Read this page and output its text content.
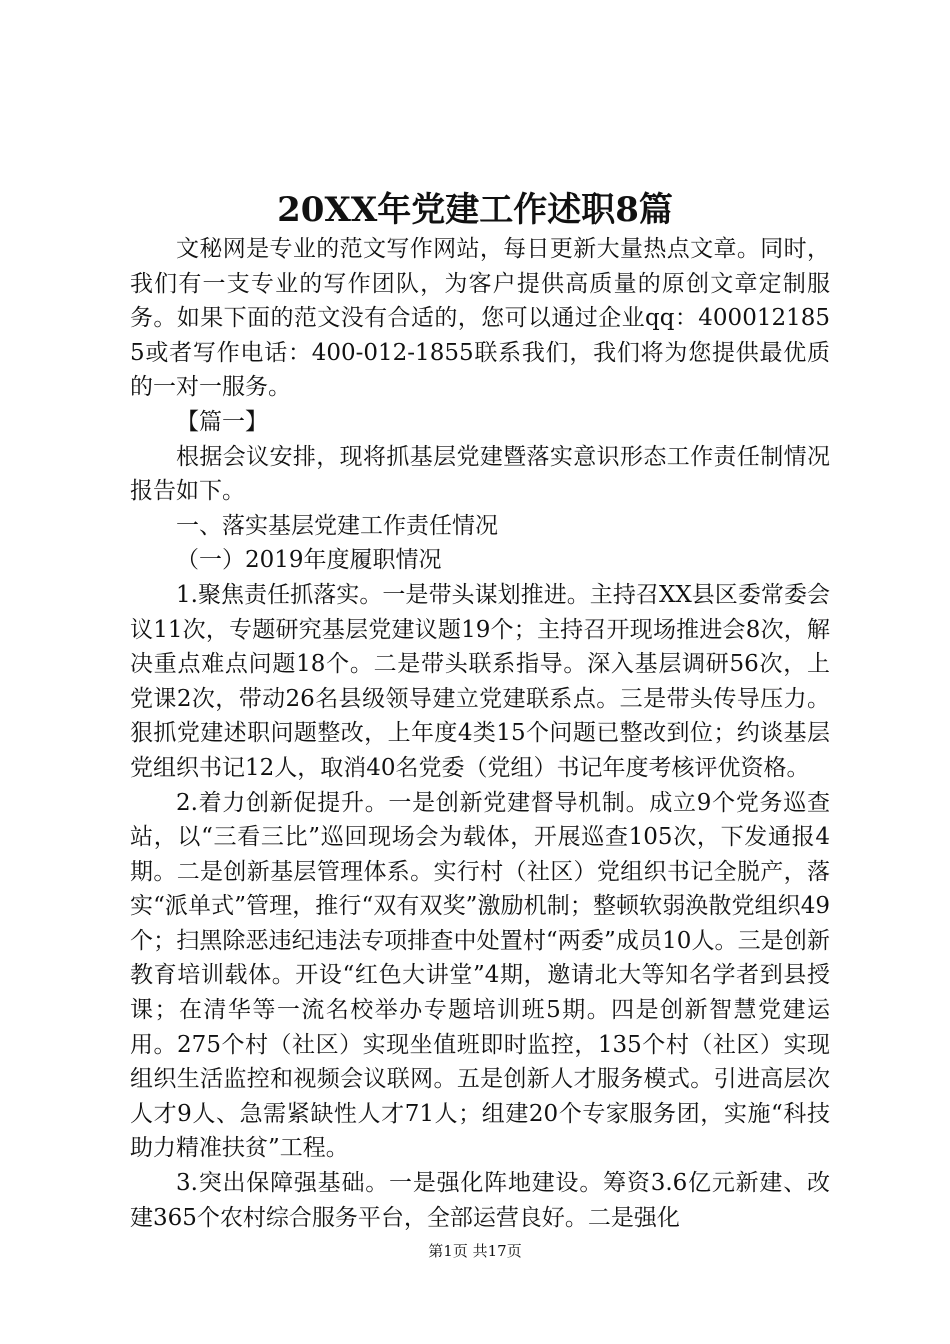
20XX年党建工作述职8篇

文秘网是专业的范文写作网站，每日更新大量热点文章。同时，我们有一支专业的写作团队，为客户提供高质量的原创文章定制服务。如果下面的范文没有合适的，您可以通过企业qq：4000121855或者写作电话：400-012-1855联系我们，我们将为您提供最优质的一对一服务。

【篇一】

根据会议安排，现将抓基层党建暨落实意识形态工作责任制情况报告如下。

一、落实基层党建工作责任情况

（一）2019年度履职情况

1.聚焦责任抓落实。一是带头谋划推进。主持召XX县区委常委会议11次，专题研究基层党建议题19个；主持召开现场推进会8次，解决重点难点问题18个。二是带头联系指导。深入基层调研56次，上党课2次，带动26名县级领导建立党建联系点。三是带头传导压力。狠抓党建述职问题整改，上年度4类15个问题已整改到位；约谈基层党组织书记12人，取消40名党委（党组）书记年度考核评优资格。

2.着力创新促提升。一是创新党建督导机制。成立9个党务巡查站，以“三看三比”巡回现场会为载体，开展巡查105次，下发通报4期。二是创新基层管理体系。实行村（社区）党组织书记全脱产，落实“派单式”管理，推行“双有双奖”激励机制；整顿软弱涣散党组织49个；扫黑除恶违纪违法专项排查中处置村“两委”成员10人。三是创新教育培训载体。开设“红色大讲堂”4期，邀请北大等知名学者到县授课；在清华等一流名校举办专题培训班5期。四是创新智慧党建运用。275个村（社区）实现坐值班即时监控，135个村（社区）实现组织生活监控和视频会议联网。五是创新人才服务模式。引进高层次人才9人、急需紧缺性人才71人；组建20个专家服务团，实施“科技助力精准扶贫”工程。

3.突出保障强基础。一是强化阵地建设。筹资3.6亿元新建、改建365个农村综合服务平台，全部运营良好。二是强化

第1页 共17页
